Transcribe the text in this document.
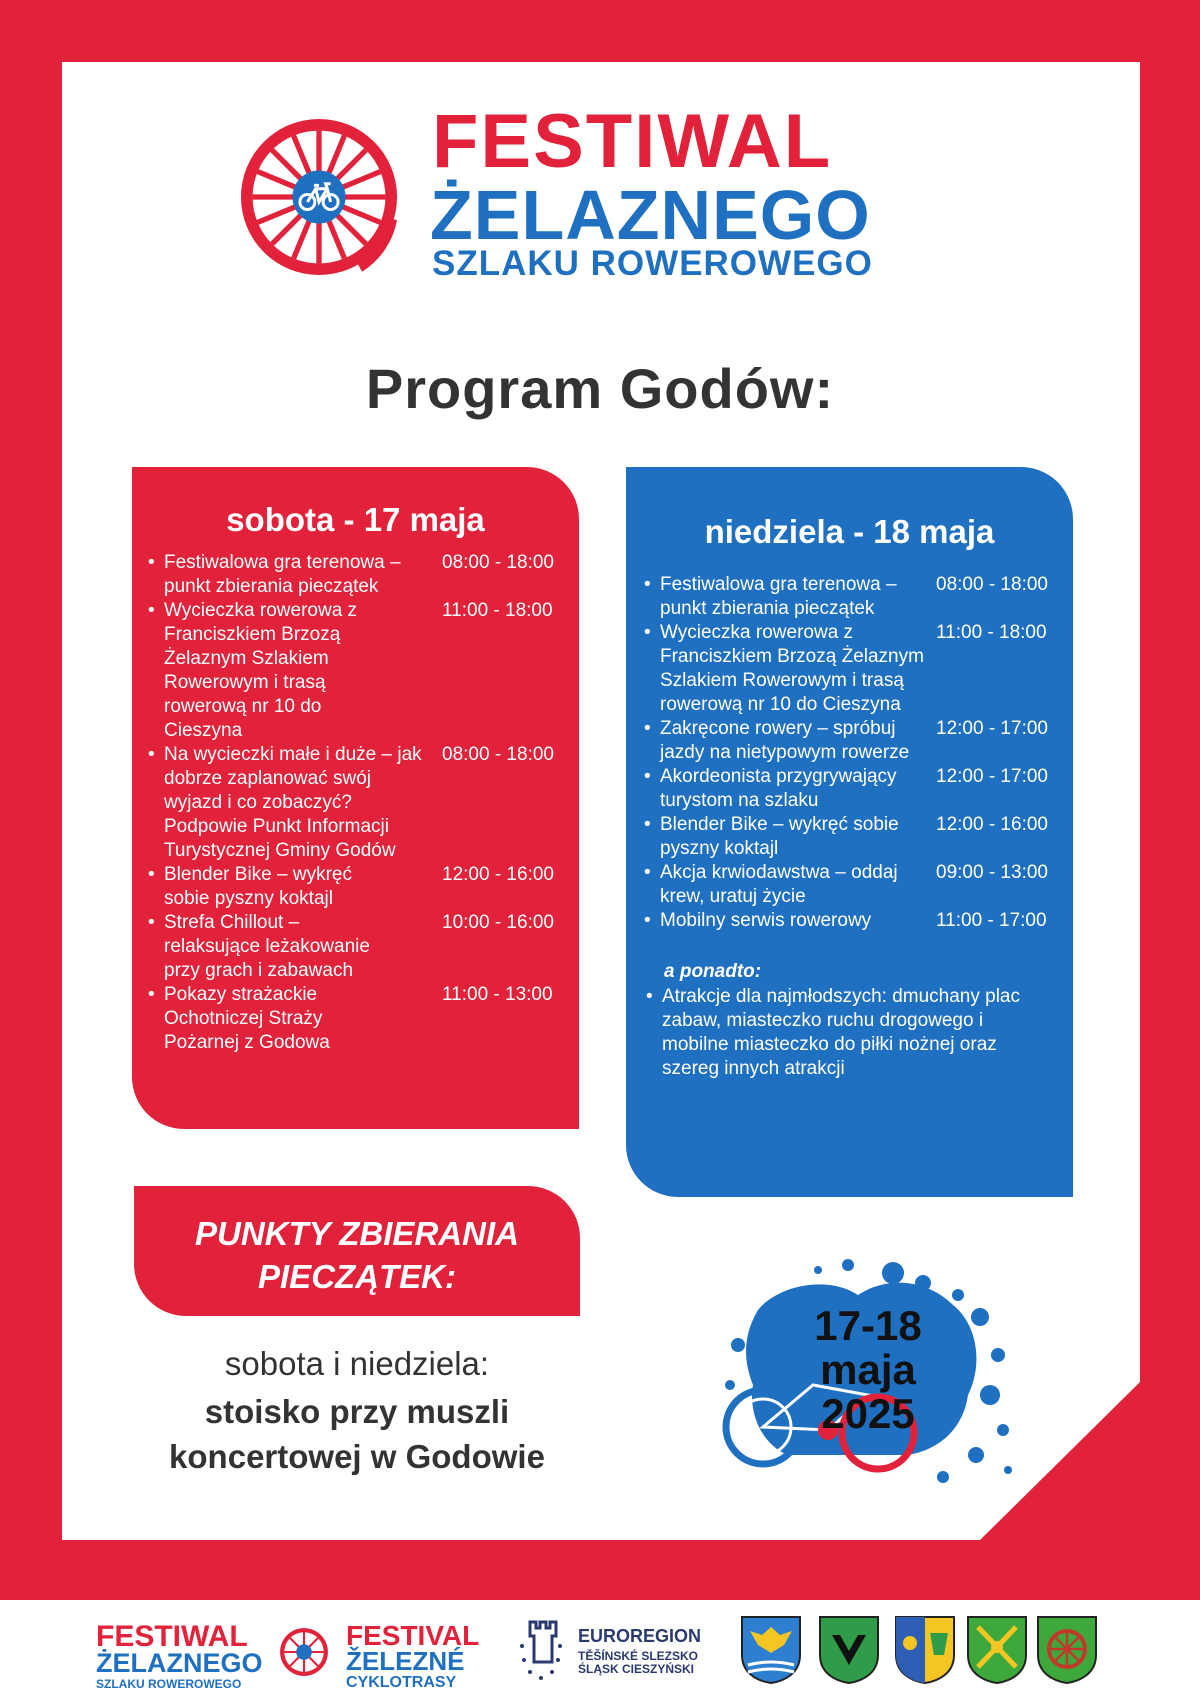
FESTIWAL
ŻELAZNEGO
SZLAKU ROWEROWEGO
Program Godów:
sobota - 17 maja
• Festiwalowa gra terenowa – punkt zbierania pieczątek
08:00 - 18:00
• Wycieczka rowerowa z Franciszkiem Brzozą Żelaznym Szlakiem Rowerowym i trasą rowerową nr 10 do Cieszyna
11:00 - 18:00
• Na wycieczki małe i duże – jak dobrze zaplanować swój wyjazd i co zobaczyć? Podpowie Punkt Informacji Turystycznej Gminy Godów
08:00 - 18:00
• Blender Bike – wykręć sobie pyszny koktajl
12:00 - 16:00
• Strefa Chillout – relaksujące leżakowanie przy grach i zabawach
10:00 - 16:00
• Pokazy strażackie Ochotniczej Straży Pożarnej z Godowa
11:00 - 13:00
niedziela - 18 maja
• Festiwalowa gra terenowa – punkt zbierania pieczątek
08:00 - 18:00
• Wycieczka rowerowa z Franciszkiem Brzozą Żelaznym Szlakiem Rowerowym i trasą rowerową nr 10 do Cieszyna
11:00 - 18:00
• Zakręcone rowery – spróbuj jazdy na nietypowym rowerze
12:00 - 17:00
• Akordeonista przygrywający turystom na szlaku
12:00 - 17:00
• Blender Bike – wykręć sobie pyszny koktajl
12:00 - 16:00
• Akcja krwiodawstwa – oddaj krew, uratuj życie
09:00 - 13:00
• Mobilny serwis rowerowy	11:00 - 17:00
a ponadto:
• Atrakcje dla najmłodszych: dmuchany plac zabaw, miasteczko ruchu drogowego i mobilne miasteczko do piłki nożnej oraz szereg innych atrakcji
PUNKTY ZBIERANIA
PIECZĄTEK:
sobota i niedziela:
stoisko przy muszli
koncertowej w Godowie
17-18
maja
2025
FESTIWAL
ŻELAZNEGO
SZLAKU ROWEROWEGO
FESTIVAL
ŽELEZNÉ
CYKLOTRASY
EUROREGION
TĚŠÍNSKÉ SLEZSKO
ŚLĄSK CIESZYŃSKI
